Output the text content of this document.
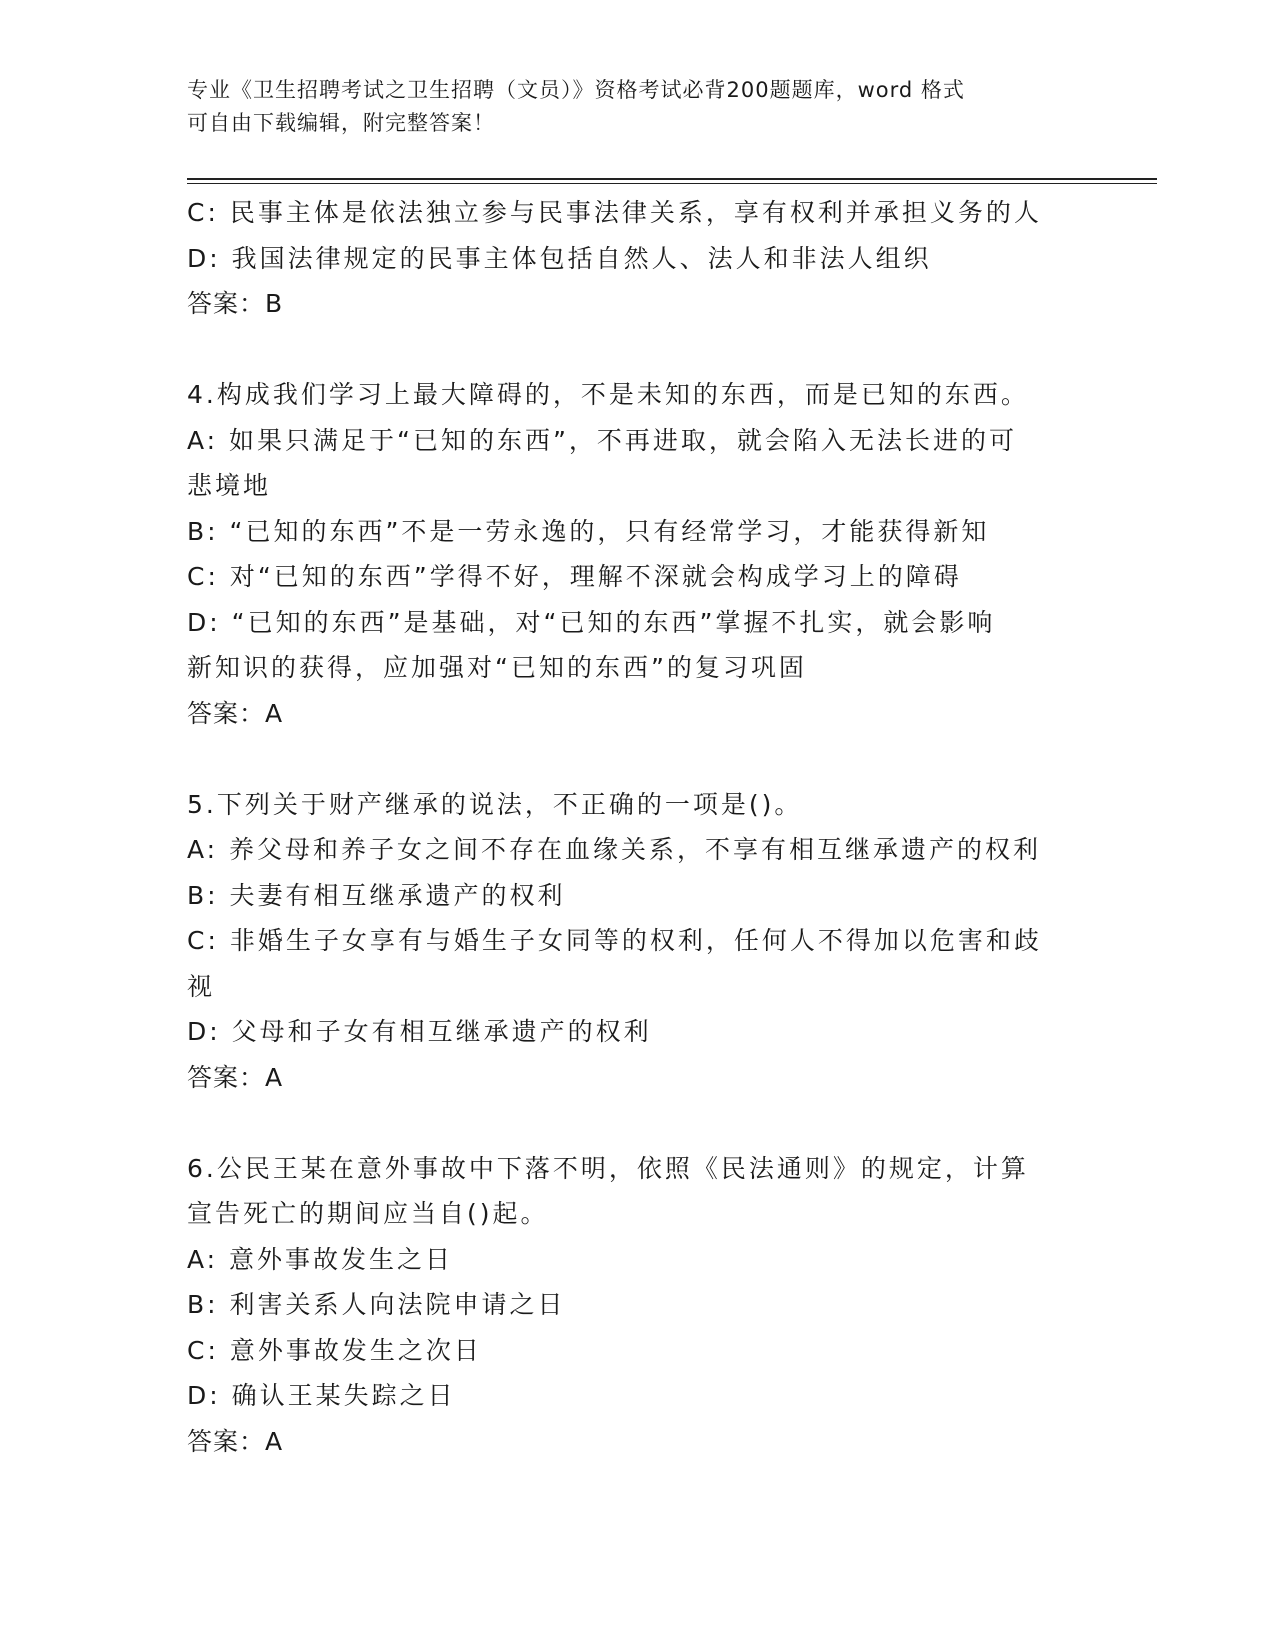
专业《卫生招聘考试之卫生招聘（文员）》资格考试必背200题题库，word 格式
可自由下载编辑，附完整答案！
C: 民事主体是依法独立参与民事法律关系，享有权利并承担义务的人
D: 我国法律规定的民事主体包括自然人、法人和非法人组织
答案：B
4.构成我们学习上最大障碍的，不是未知的东西，而是已知的东西。
A: 如果只满足于“已知的东西”，不再进取，就会陷入无法长进的可
悲境地
B: “已知的东西”不是一劳永逸的，只有经常学习，才能获得新知
C: 对“已知的东西”学得不好，理解不深就会构成学习上的障碍
D: “已知的东西”是基础，对“已知的东西”掌握不扎实，就会影响
新知识的获得，应加强对“已知的东西”的复习巩固
答案：A
5.下列关于财产继承的说法，不正确的一项是()。
A: 养父母和养子女之间不存在血缘关系，不享有相互继承遗产的权利
B: 夫妻有相互继承遗产的权利
C: 非婚生子女享有与婚生子女同等的权利，任何人不得加以危害和歧
视
D: 父母和子女有相互继承遗产的权利
答案：A
6.公民王某在意外事故中下落不明，依照《民法通则》的规定，计算
宣告死亡的期间应当自()起。
A: 意外事故发生之日
B: 利害关系人向法院申请之日
C: 意外事故发生之次日
D: 确认王某失踪之日
答案：A
